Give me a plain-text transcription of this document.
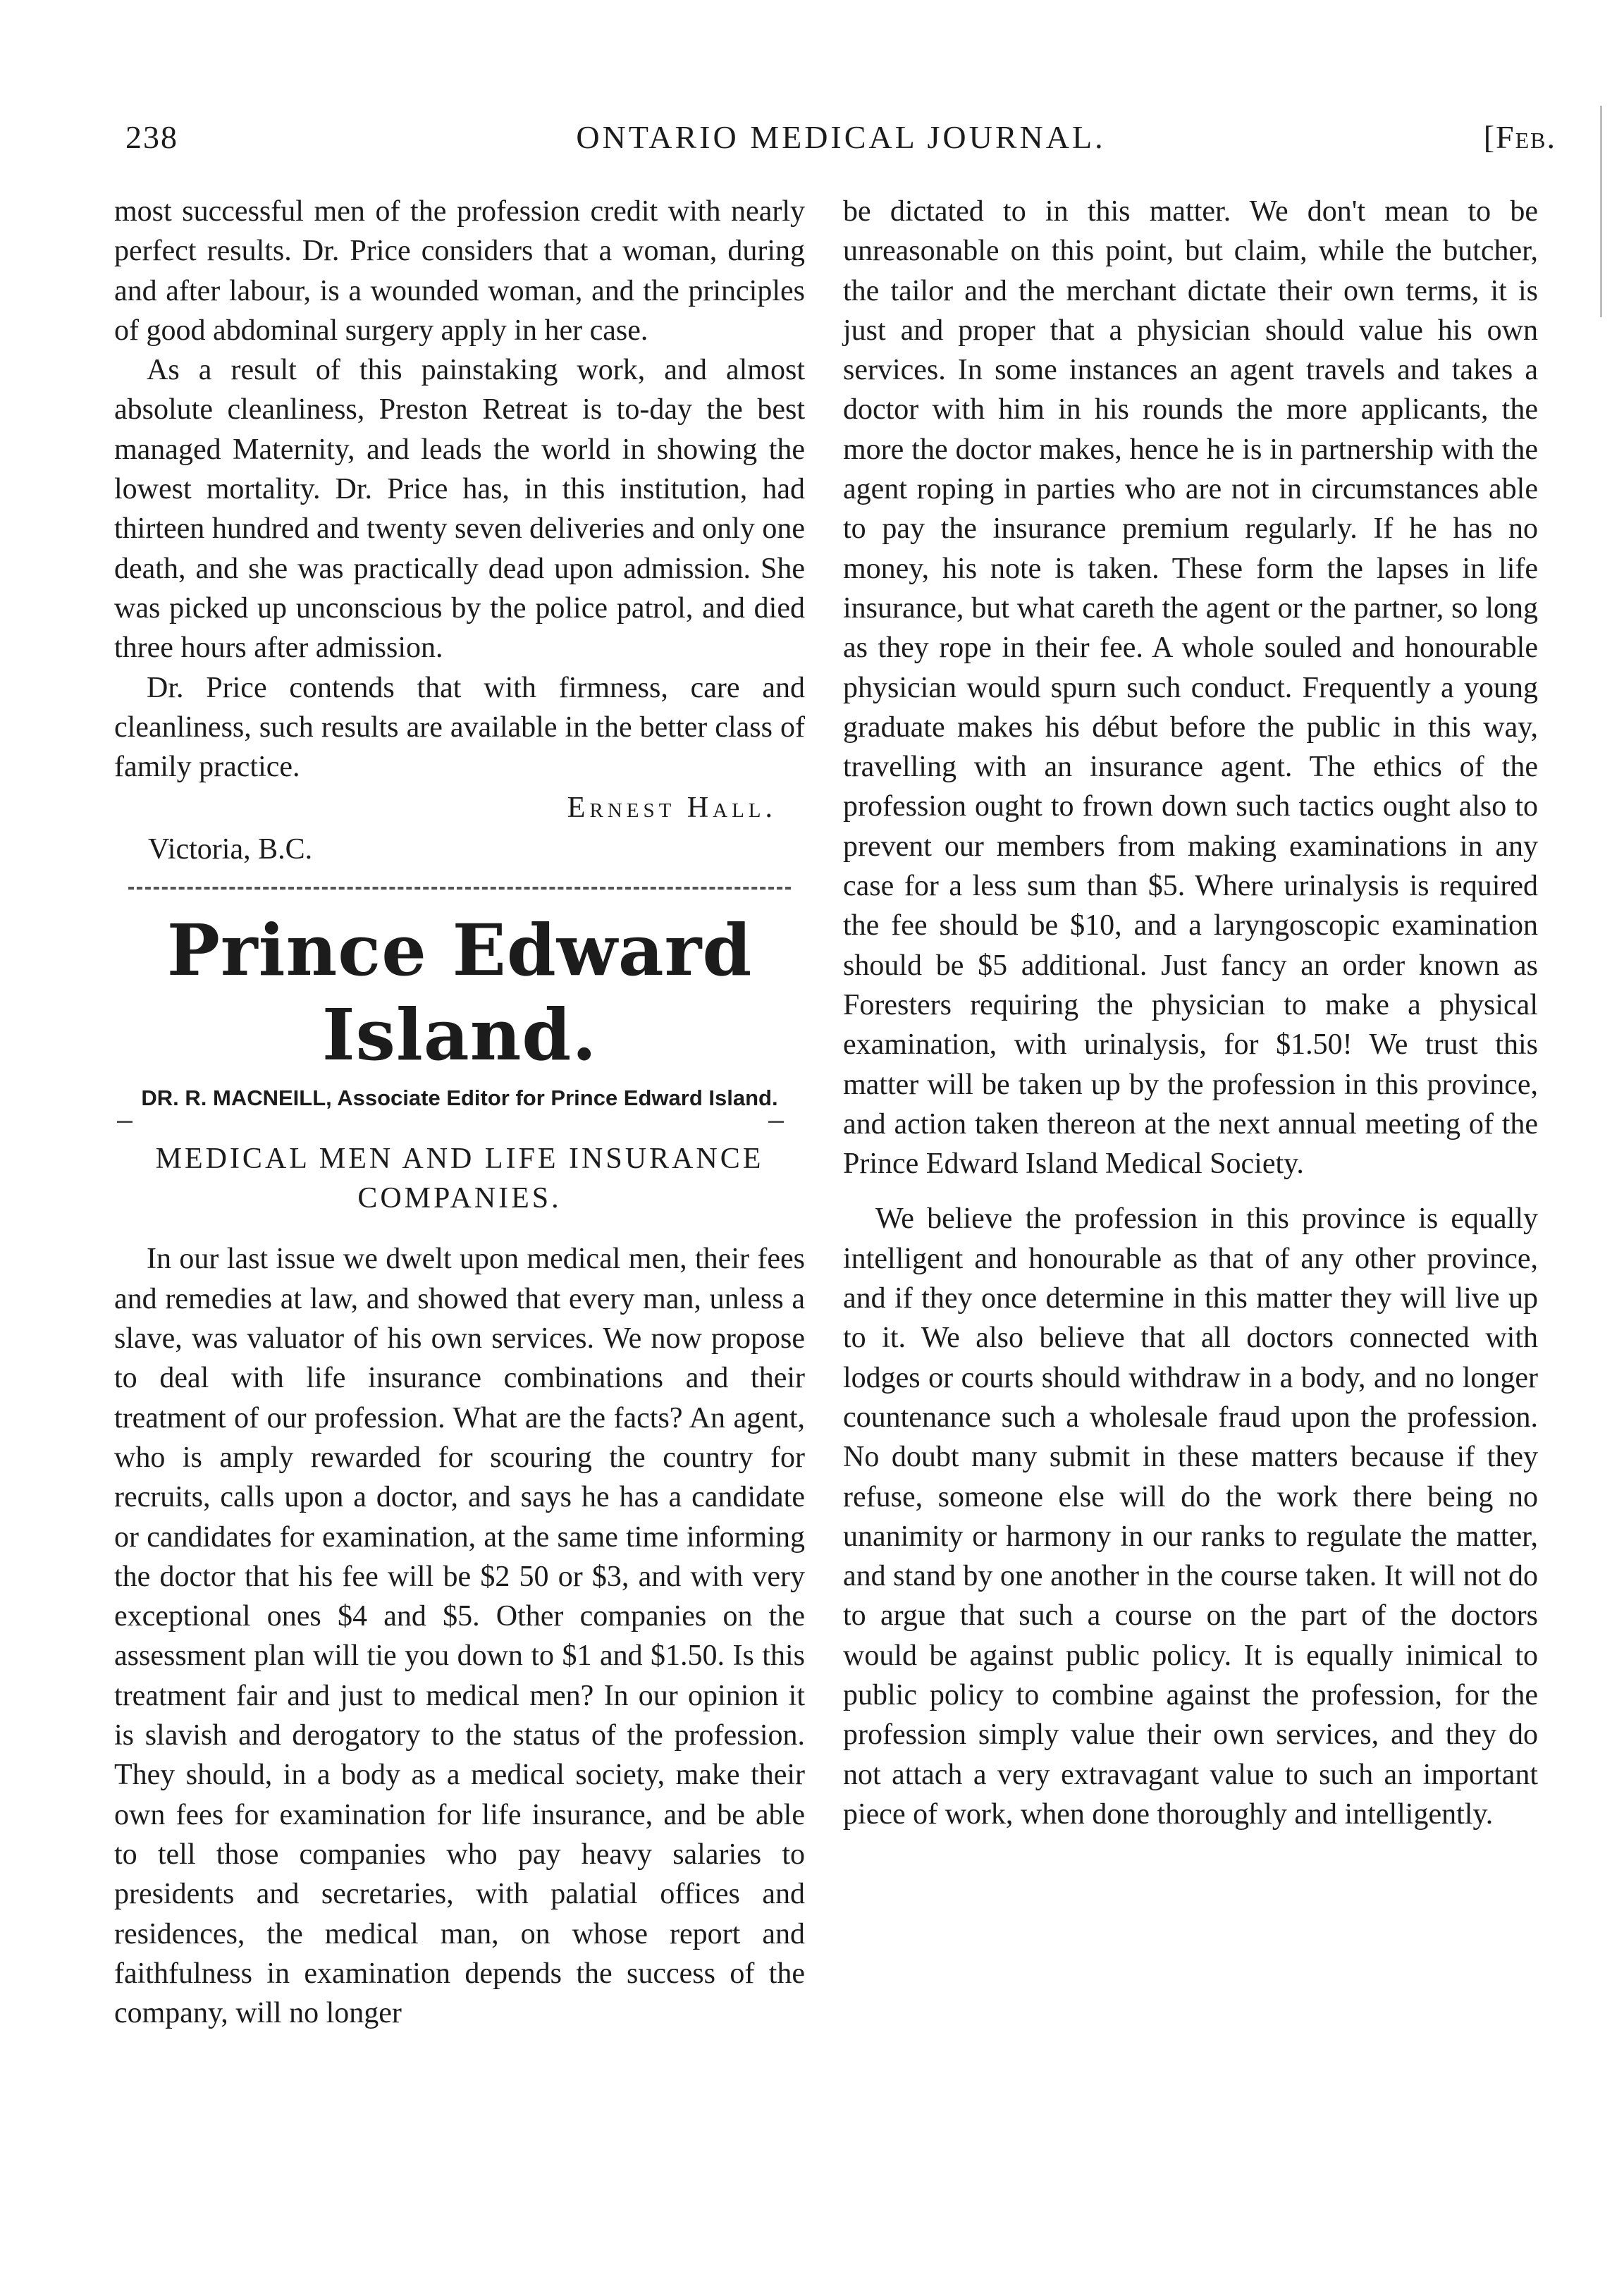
238	ONTARIO MEDICAL JOURNAL.	[Feb.

most successful men of the profession credit with nearly perfect results. Dr. Price considers that a woman, during and after labour, is a wounded woman, and the principles of good abdominal surgery apply in her case.

As a result of this painstaking work, and almost absolute cleanliness, Preston Retreat is to-day the best managed Maternity, and leads the world in showing the lowest mortality. Dr. Price has, in this institution, had thirteen hundred and twenty seven deliveries and only one death, and she was practically dead upon admission. She was picked up unconscious by the police patrol, and died three hours after admission.

Dr. Price contends that with firmness, care and cleanliness, such results are available in the better class of family practice.

Ernest Hall.
Victoria, B.C.
Prince Edward Island.

DR. R. MACNEILL, Associate Editor for Prince Edward Island.

MEDICAL MEN AND LIFE INSURANCE
COMPANIES.

In our last issue we dwelt upon medical men, their fees and remedies at law, and showed that every man, unless a slave, was valuator of his own services. We now propose to deal with life insurance combinations and their treatment of our profession. What are the facts? An agent, who is amply rewarded for scouring the country for recruits, calls upon a doctor, and says he has a candidate or candidates for examination, at the same time informing the doctor that his fee will be $2 50 or $3, and with very exceptional ones $4 and $5. Other companies on the assessment plan will tie you down to $1 and $1.50. Is this treatment fair and just to medical men? In our opinion it is slavish and derogatory to the status of the profession. They should, in a body as a medical society, make their own fees for examination for life insurance, and be able to tell those companies who pay heavy salaries to presidents and secretaries, with palatial offices and residences, the medical man, on whose report and faithfulness in examination depends the success of the company, will no longer

be dictated to in this matter. We don't mean to be unreasonable on this point, but claim, while the butcher, the tailor and the merchant dictate their own terms, it is just and proper that a physician should value his own services. In some instances an agent travels and takes a doctor with him in his rounds the more applicants, the more the doctor makes, hence he is in partnership with the agent roping in parties who are not in circumstances able to pay the insurance premium regularly. If he has no money, his note is taken. These form the lapses in life insurance, but what careth the agent or the partner, so long as they rope in their fee. A whole souled and honourable physician would spurn such conduct. Frequently a young graduate makes his début before the public in this way, travelling with an insurance agent. The ethics of the profession ought to frown down such tactics ought also to prevent our members from making examinations in any case for a less sum than $5. Where urinalysis is required the fee should be $10, and a laryngoscopic examination should be $5 additional. Just fancy an order known as Foresters requiring the physician to make a physical examination, with urinalysis, for $1.50! We trust this matter will be taken up by the profession in this province, and action taken thereon at the next annual meeting of the Prince Edward Island Medical Society.

We believe the profession in this province is equally intelligent and honourable as that of any other province, and if they once determine in this matter they will live up to it. We also believe that all doctors connected with lodges or courts should withdraw in a body, and no longer countenance such a wholesale fraud upon the profession. No doubt many submit in these matters because if they refuse, someone else will do the work there being no unanimity or harmony in our ranks to regulate the matter, and stand by one another in the course taken. It will not do to argue that such a course on the part of the doctors would be against public policy. It is equally inimical to public policy to combine against the profession, for the profession simply value their own services, and they do not attach a very extravagant value to such an important piece of work, when done thoroughly and intelligently.
